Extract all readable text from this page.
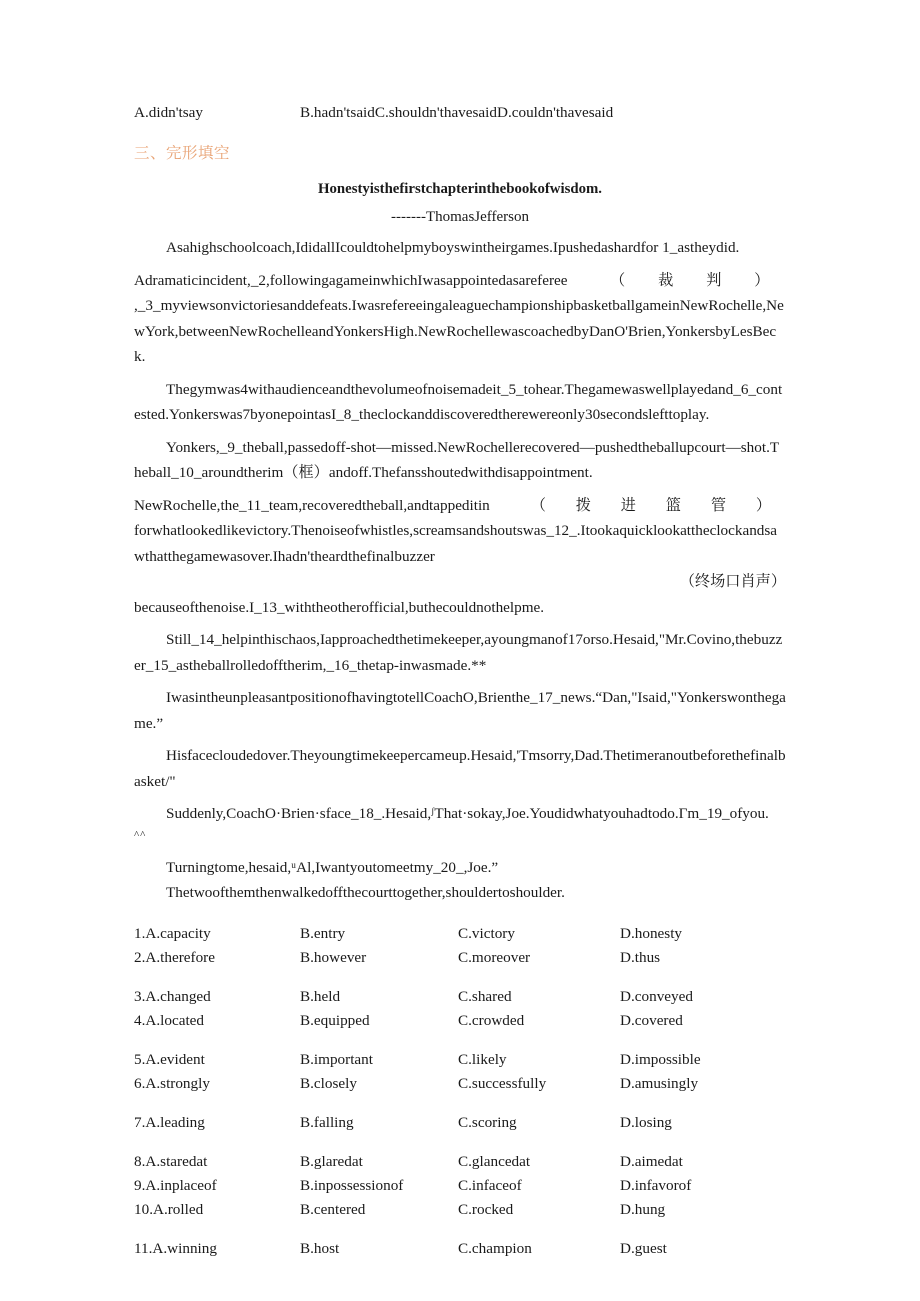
A.didn'tsay	B.hadn'tsaidC.shouldn'thavesaidD.couldn'thavesaid
三、完形填空
Honestyisthefirstchapterinthebookofwisdom.
-------ThomasJefferson

Asahighschoolcoach,IdidallIcouldtohelpmyboyswintheirgames.Ipushedashardfor 1_astheydid.

Adramaticincident,_2,followingagameinwhichIwasappointedasareferee	（ 裁 判 ）

,_3_myviewsonvictoriesanddefeats.IwasrefereeingaleaguechampionshipbasketballgameinNewRochelle,NewYork,betweenNewRochelleandYonkersHigh.NewRochellewascoachedbyDanO'Brien,YonkersbyLesBeck.

Thegymwas4withaudienceandthevolumeofnoisemadeit_5_tohear.Thegamewaswellplayedand_6_contested.Yonkerswas7byonepointasI_8_theclockanddiscoveredtherewereonly30secondslefttoplay.

Yonkers,_9_theball,passedoff-shot—missed.NewRochellerecovered—pushedtheballupcourt—shot.Theball_10_aroundtherim（框）andoff.Thefansshoutedwithdisappointment.

NewRochelle,the_11_team,recoveredtheball,andtappeditin	（ 拨 进 篮 管 ）

forwhatlookedlikevictory.Thenoiseofwhistles,screamsandshoutswas_12_.Itookaquicklookattheclockandsawthatthegamewasover.Ihadn'theardthefinalbuzzer

（ 终 场 口 肖 声 ）

becauseofthenoise.I_13_withtheotherofficial,buthecouldnothelpme.

Still_14_helpinthischaos,Iapproachedthetimekeeper,ayoungmanof17orso.Hesaid,"Mr.Covino,thebuzzer_15_astheballrolledofftherim,_16_thetap-inwasmade.**

IwasintheunpleasantpositionofhavingtotellCoachO,Brienthe_17_news.“Dan,"Isaid,"Yonkerswonthegame.”

Hisfacecloudedover.Theyoungtimekeepercameup.Hesaid,'Tmsorry,Dad.Thetimeranoutbeforethefinalbasket/"

Suddenly,CoachO·Brien·sface_18_.Hesaid,ᶴThat·sokay,Joe.Youdidwhatyouhadtodo.Гm_19_ofyou.

^^

Turningtome,hesaid,ᵘAl,Iwantyoutomeetmy_20_,Joe.”

Thetwoofthemthenwalkedoffthecourttogether,shouldertoshoulder.

1.A.capacity	B.entry	C.victory	D.honesty
2.A.therefore	B.however	C.moreover	D.thus
3.A.changed	B.held	C.shared	D.conveyed
4.A.located	B.equipped	C.crowded	D.covered
5.A.evident	B.important	C.likely	D.impossible
6.A.strongly	B.closely	C.successfully	D.amusingly
7.A.leading	B.falling	C.scoring	D.losing
8.A.staredat	B.glaredat	C.glancedat	D.aimedat
9.A.inplaceof	B.inpossessionof	C.infaceof	D.infavorof
10.A.rolled	B.centered	C.rocked	D.hung
11.A.winning	B.host	C.champion	D.guest
